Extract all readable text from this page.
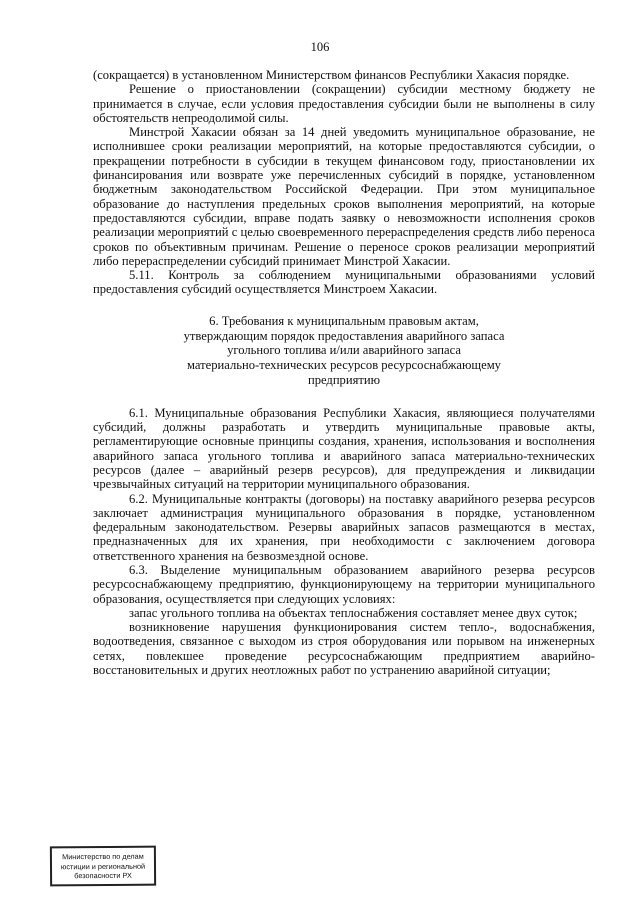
106

(сокращается) в установленном Министерством финансов Республики Хакасия порядке.

Решение о приостановлении (сокращении) субсидии местному бюджету не принимается в случае, если условия предоставления субсидии были не выполнены в силу обстоятельств непреодолимой силы.

Минстрой Хакасии обязан за 14 дней уведомить муниципальное образование, не исполнившее сроки реализации мероприятий, на которые предоставляются субсидии, о прекращении потребности в субсидии в текущем финансовом году, приостановлении их финансирования или возврате уже перечисленных субсидий в порядке, установленном бюджетным законодательством Российской Федерации. При этом муниципальное образование до наступления предельных сроков выполнения мероприятий, на которые предоставляются субсидии, вправе подать заявку о невозможности исполнения сроков реализации мероприятий с целью своевременного перераспределения средств либо переноса сроков по объективным причинам. Решение о переносе сроков реализации мероприятий либо перераспределении субсидий принимает Минстрой Хакасии.

5.11. Контроль за соблюдением муниципальными образованиями условий предоставления субсидий осуществляется Минстроем Хакасии.

6. Требования к муниципальным правовым актам,
утверждающим порядок предоставления аварийного запаса
угольного топлива и/или аварийного запаса
материально-технических ресурсов ресурсоснабжающему
предприятию

6.1. Муниципальные образования Республики Хакасия, являющиеся получателями субсидий, должны разработать и утвердить муниципальные правовые акты, регламентирующие основные принципы создания, хранения, использования и восполнения аварийного запаса угольного топлива и аварийного запаса материально-технических ресурсов (далее – аварийный резерв ресурсов), для предупреждения и ликвидации чрезвычайных ситуаций на территории муниципального образования.

6.2. Муниципальные контракты (договоры) на поставку аварийного резерва ресурсов заключает администрация муниципального образования в порядке, установленном федеральным законодательством. Резервы аварийных запасов размещаются в местах, предназначенных для их хранения, при необходимости с заключением договора ответственного хранения на безвозмездной основе.

6.3. Выделение муниципальным образованием аварийного резерва ресурсов ресурсоснабжающему предприятию, функционирующему на территории муниципального образования, осуществляется при следующих условиях:

запас угольного топлива на объектах теплоснабжения составляет менее двух суток;

возникновение нарушения функционирования систем тепло-, водоснабжения, водоотведения, связанное с выходом из строя оборудования или порывом на инженерных сетях, повлекшее проведение ресурсоснабжающим предприятием аварийно-восстановительных и других неотложных работ по устранению аварийной ситуации;

Министерство по делам
юстиции и региональной
безопасности РХ
